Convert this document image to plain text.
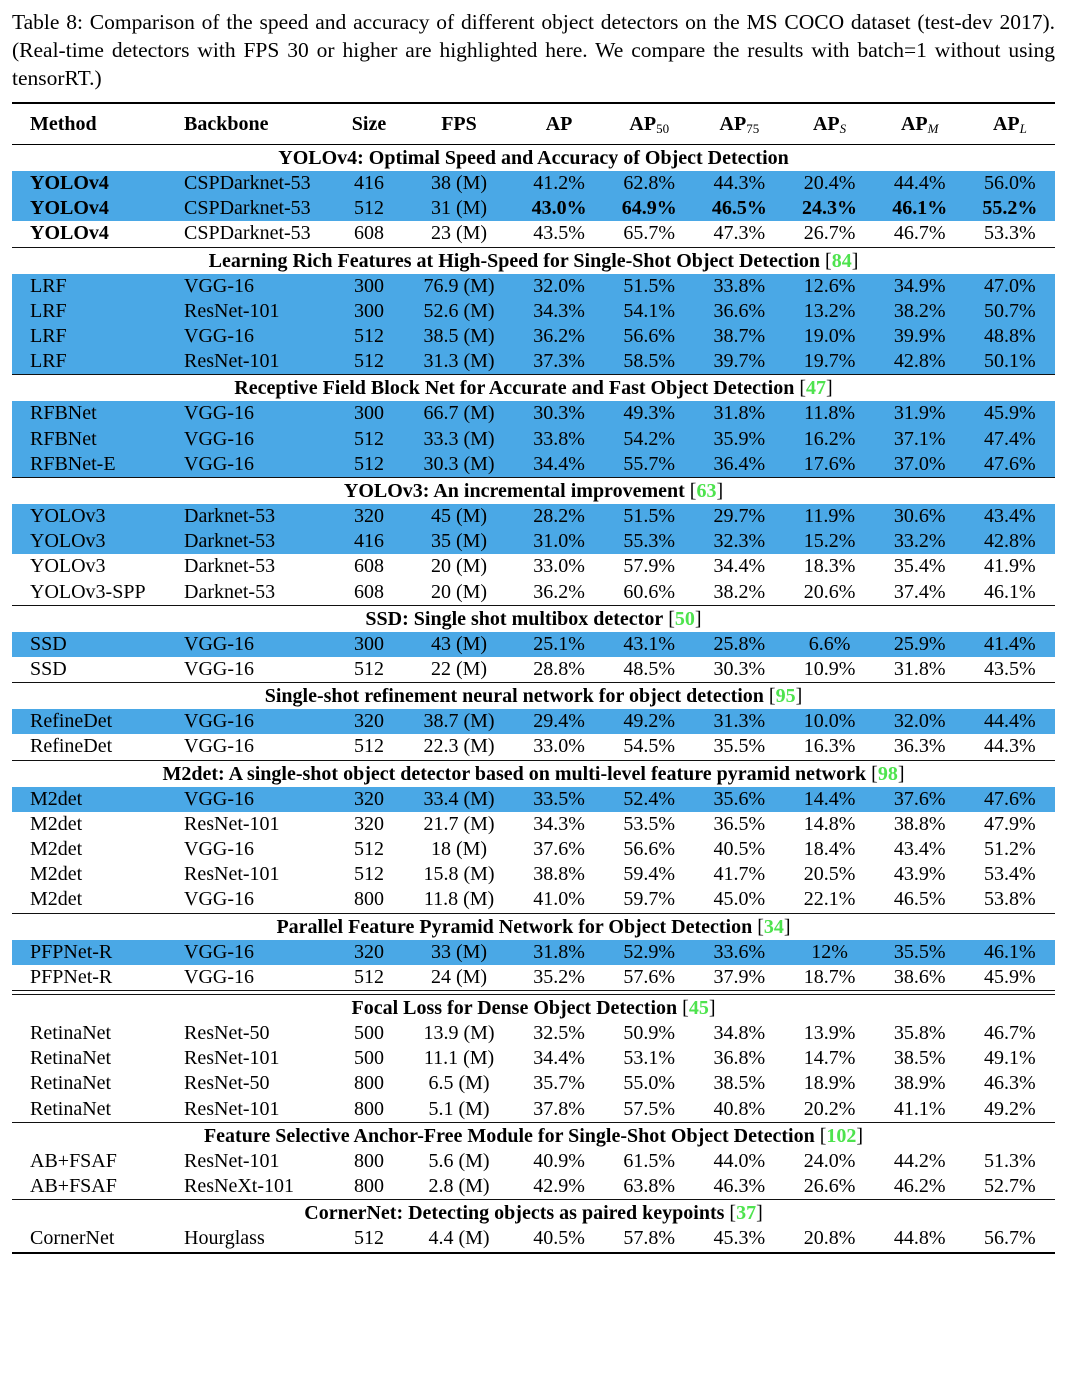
Table 8: Comparison of the speed and accuracy of different object detectors on the MS COCO dataset (test-dev 2017). (Real-time detectors with FPS 30 or higher are highlighted here. We compare the results with batch=1 without using tensorRT.)
Method	Backbone	Size	FPS	AP	$AP_{50}$	$AP_{75}$	$AP_S$	$AP_M$	$AP_L$
YOLOv4: Optimal Speed and Accuracy of Object Detection									
YOLOv4	CSPDarknet-53	416	38 (M)	41.2%	62.8%	44.3%	20.4%	44.4%	56.0%
YOLOv4	CSPDarknet-53	512	31 (M)	43.0%	64.9%	46.5%	24.3%	46.1%	55.2%
YOLOv4	CSPDarknet-53	608	23 (M)	43.5%	65.7%	47.3%	26.7%	46.7%	53.3%

Learning Rich Features at High-Speed for Single-Shot Object Detection [84]									
LRF	VGG-16	300	76.9 (M)	32.0%	51.5%	33.8%	12.6%	34.9%	47.0%
LRF	ResNet-101	300	52.6 (M)	34.3%	54.1%	36.6%	13.2%	38.2%	50.7%
LRF	VGG-16	512	38.5 (M)	36.2%	56.6%	38.7%	19.0%	39.9%	48.8%
LRF	ResNet-101	512	31.3 (M)	37.3%	58.5%	39.7%	19.7%	42.8%	50.1%

Receptive Field Block Net for Accurate and Fast Object Detection [47]									
RFBNet	VGG-16	300	66.7 (M)	30.3%	49.3%	31.8%	11.8%	31.9%	45.9%
RFBNet	VGG-16	512	33.3 (M)	33.8%	54.2%	35.9%	16.2%	37.1%	47.4%
RFBNet-E	VGG-16	512	30.3 (M)	34.4%	55.7%	36.4%	17.6%	37.0%	47.6%

YOLOv3: An incremental improvement [63]									
YOLOv3	Darknet-53	320	45 (M)	28.2%	51.5%	29.7%	11.9%	30.6%	43.4%
YOLOv3	Darknet-53	416	35 (M)	31.0%	55.3%	32.3%	15.2%	33.2%	42.8%
YOLOv3	Darknet-53	608	20 (M)	33.0%	57.9%	34.4%	18.3%	35.4%	41.9%
YOLOv3-SPP	Darknet-53	608	20 (M)	36.2%	60.6%	38.2%	20.6%	37.4%	46.1%

SSD: Single shot multibox detector [50]									
SSD	VGG-16	300	43 (M)	25.1%	43.1%	25.8%	6.6%	25.9%	41.4%
SSD	VGG-16	512	22 (M)	28.8%	48.5%	30.3%	10.9%	31.8%	43.5%

Single-shot refinement neural network for object detection [95]									
RefineDet	VGG-16	320	38.7 (M)	29.4%	49.2%	31.3%	10.0%	32.0%	44.4%
RefineDet	VGG-16	512	22.3 (M)	33.0%	54.5%	35.5%	16.3%	36.3%	44.3%

M2det: A single-shot object detector based on multi-level feature pyramid network [98]									
M2det	VGG-16	320	33.4 (M)	33.5%	52.4%	35.6%	14.4%	37.6%	47.6%
M2det	ResNet-101	320	21.7 (M)	34.3%	53.5%	36.5%	14.8%	38.8%	47.9%
M2det	VGG-16	512	18 (M)	37.6%	56.6%	40.5%	18.4%	43.4%	51.2%
M2det	ResNet-101	512	15.8 (M)	38.8%	59.4%	41.7%	20.5%	43.9%	53.4%
M2det	VGG-16	800	11.8 (M)	41.0%	59.7%	45.0%	22.1%	46.5%	53.8%

Parallel Feature Pyramid Network for Object Detection [34]									
PFPNet-R	VGG-16	320	33 (M)	31.8%	52.9%	33.6%	12%	35.5%	46.1%
PFPNet-R	VGG-16	512	24 (M)	35.2%	57.6%	37.9%	18.7%	38.6%	45.9%

Focal Loss for Dense Object Detection [45]									
RetinaNet	ResNet-50	500	13.9 (M)	32.5%	50.9%	34.8%	13.9%	35.8%	46.7%
RetinaNet	ResNet-101	500	11.1 (M)	34.4%	53.1%	36.8%	14.7%	38.5%	49.1%
RetinaNet	ResNet-50	800	6.5 (M)	35.7%	55.0%	38.5%	18.9%	38.9%	46.3%
RetinaNet	ResNet-101	800	5.1 (M)	37.8%	57.5%	40.8%	20.2%	41.1%	49.2%

Feature Selective Anchor-Free Module for Single-Shot Object Detection [102]									
AB+FSAF	ResNet-101	800	5.6 (M)	40.9%	61.5%	44.0%	24.0%	44.2%	51.3%
AB+FSAF	ResNeXt-101	800	2.8 (M)	42.9%	63.8%	46.3%	26.6%	46.2%	52.7%

CornerNet: Detecting objects as paired keypoints [37]									
CornerNet	Hourglass	512	4.4 (M)	40.5%	57.8%	45.3%	20.8%	44.8%	56.7%
